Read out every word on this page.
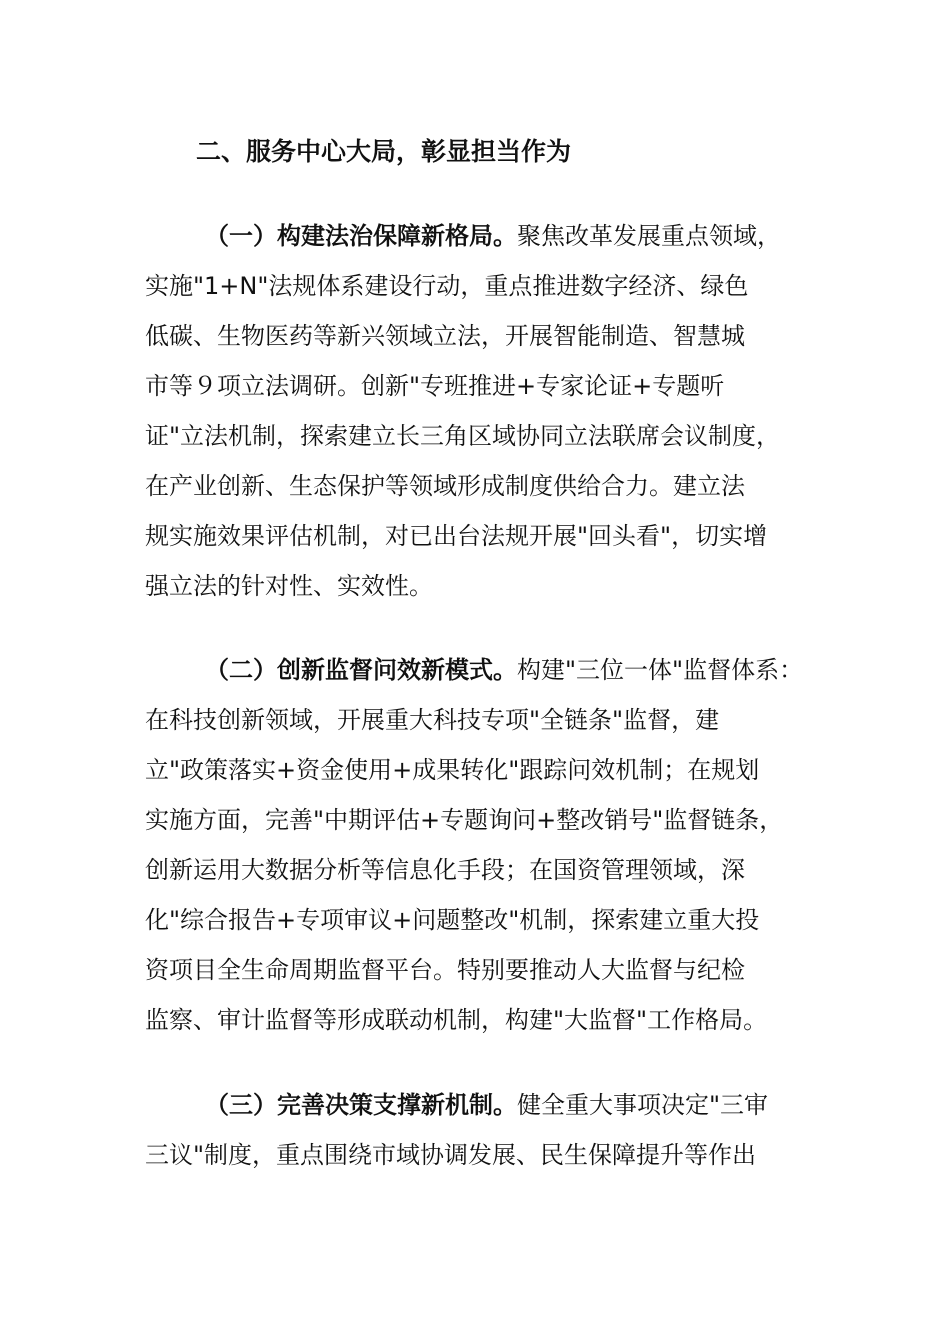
二、服务中心大局，彰显担当作为
（一）构建法治保障新格局。聚焦改革发展重点领域，
实施"1+N"法规体系建设行动，重点推进数字经济、绿色
低碳、生物医药等新兴领域立法，开展智能制造、智慧城
市等９项立法调研。创新"专班推进+专家论证+专题听
证"立法机制，探索建立长三角区域协同立法联席会议制度，
在产业创新、生态保护等领域形成制度供给合力。建立法
规实施效果评估机制，对已出台法规开展"回头看"，切实增
强立法的针对性、实效性。
（二）创新监督问效新模式。构建"三位一体"监督体系：
在科技创新领域，开展重大科技专项"全链条"监督，建
立"政策落实+资金使用+成果转化"跟踪问效机制；在规划
实施方面，完善"中期评估+专题询问+整改销号"监督链条，
创新运用大数据分析等信息化手段；在国资管理领域，深
化"综合报告+专项审议+问题整改"机制，探索建立重大投
资项目全生命周期监督平台。特别要推动人大监督与纪检
监察、审计监督等形成联动机制，构建"大监督"工作格局。
（三）完善决策支撑新机制。健全重大事项决定"三审
三议"制度，重点围绕市域协调发展、民生保障提升等作出
